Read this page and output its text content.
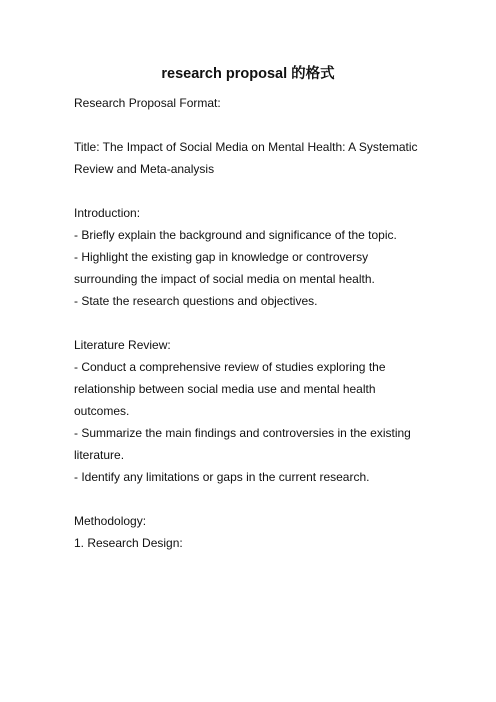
research proposal 的格式
Research Proposal Format:
Title: The Impact of Social Media on Mental Health: A Systematic
Review and Meta-analysis
Introduction:
- Briefly explain the background and significance of the topic.
- Highlight the existing gap in knowledge or controversy
surrounding the impact of social media on mental health.
- State the research questions and objectives.
Literature Review:
- Conduct a comprehensive review of studies exploring the
relationship between social media use and mental health
outcomes.
- Summarize the main findings and controversies in the existing
literature.
- Identify any limitations or gaps in the current research.
Methodology:
1. Research Design:
